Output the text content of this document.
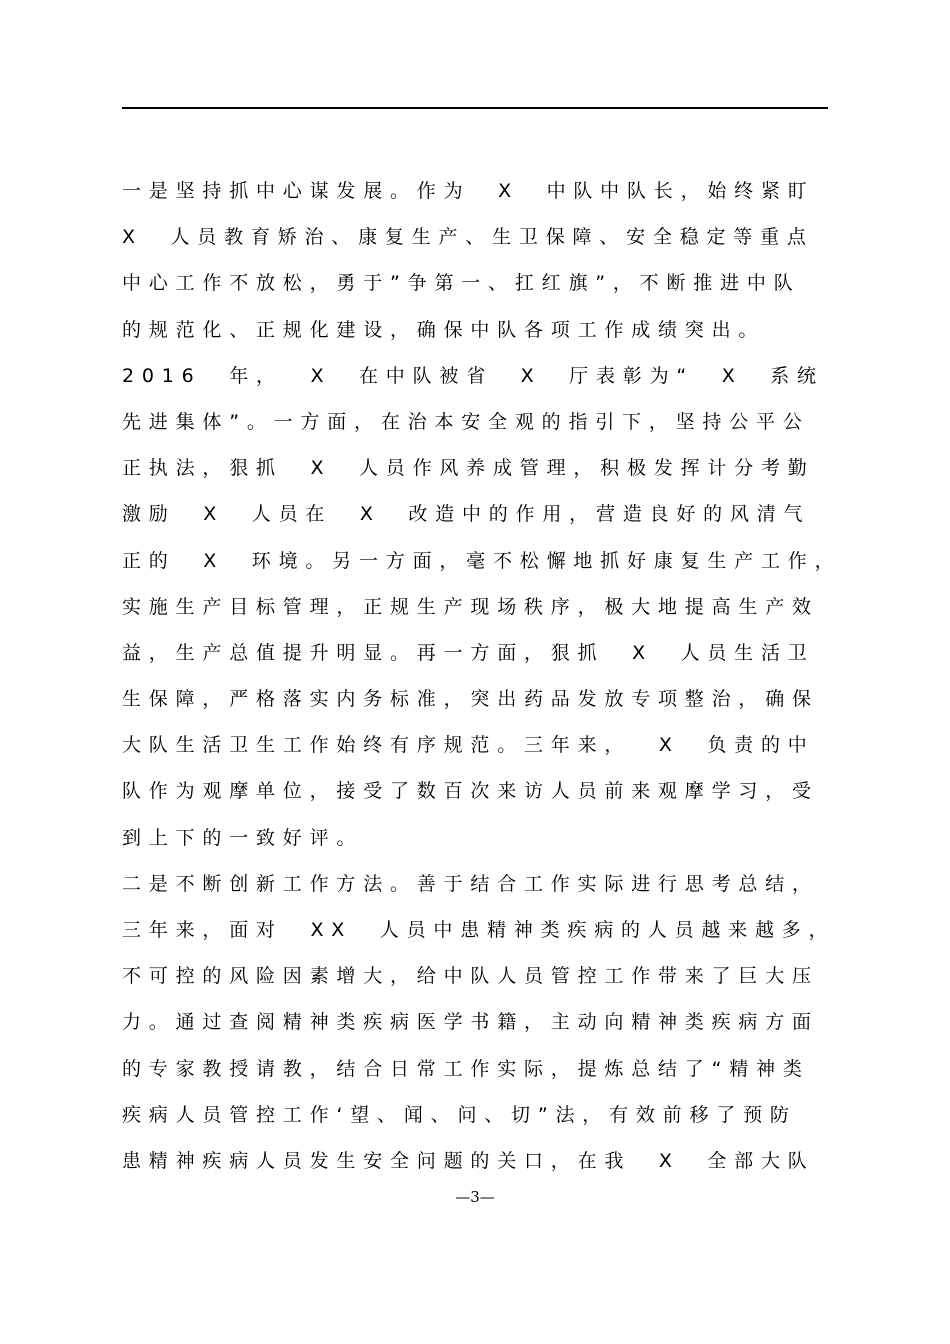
一是坚持抓中心谋发展。作为  X  中队中队长，始终紧盯
X  人员教育矫治、康复生产、生卫保障、安全稳定等重点
中心工作不放松，勇于”争第一、扛红旗”，不断推进中队
的规范化、正规化建设，确保中队各项工作成绩突出。
2016  年，  X  在中队被省  X  厅表彰为“  X  系统
先进集体”。一方面，在治本安全观的指引下，坚持公平公
正执法，狠抓  X  人员作风养成管理，积极发挥计分考勤
激励  X  人员在  X  改造中的作用，营造良好的风清气
正的  X  环境。另一方面，毫不松懈地抓好康复生产工作，
实施生产目标管理，正规生产现场秩序，极大地提高生产效
益，生产总值提升明显。再一方面，狠抓  X  人员生活卫
生保障，严格落实内务标准，突出药品发放专项整治，确保
大队生活卫生工作始终有序规范。三年来，  X  负责的中
队作为观摩单位，接受了数百次来访人员前来观摩学习，受
到上下的一致好评。
二是不断创新工作方法。善于结合工作实际进行思考总结，
三年来，面对  XX  人员中患精神类疾病的人员越来越多，
不可控的风险因素增大，给中队人员管控工作带来了巨大压
力。通过查阅精神类疾病医学书籍，主动向精神类疾病方面
的专家教授请教，结合日常工作实际，提炼总结了“精神类
疾病人员管控工作‘望、闻、问、切”法，有效前移了预防
患精神疾病人员发生安全问题的关口，在我  X  全部大队
—3—
